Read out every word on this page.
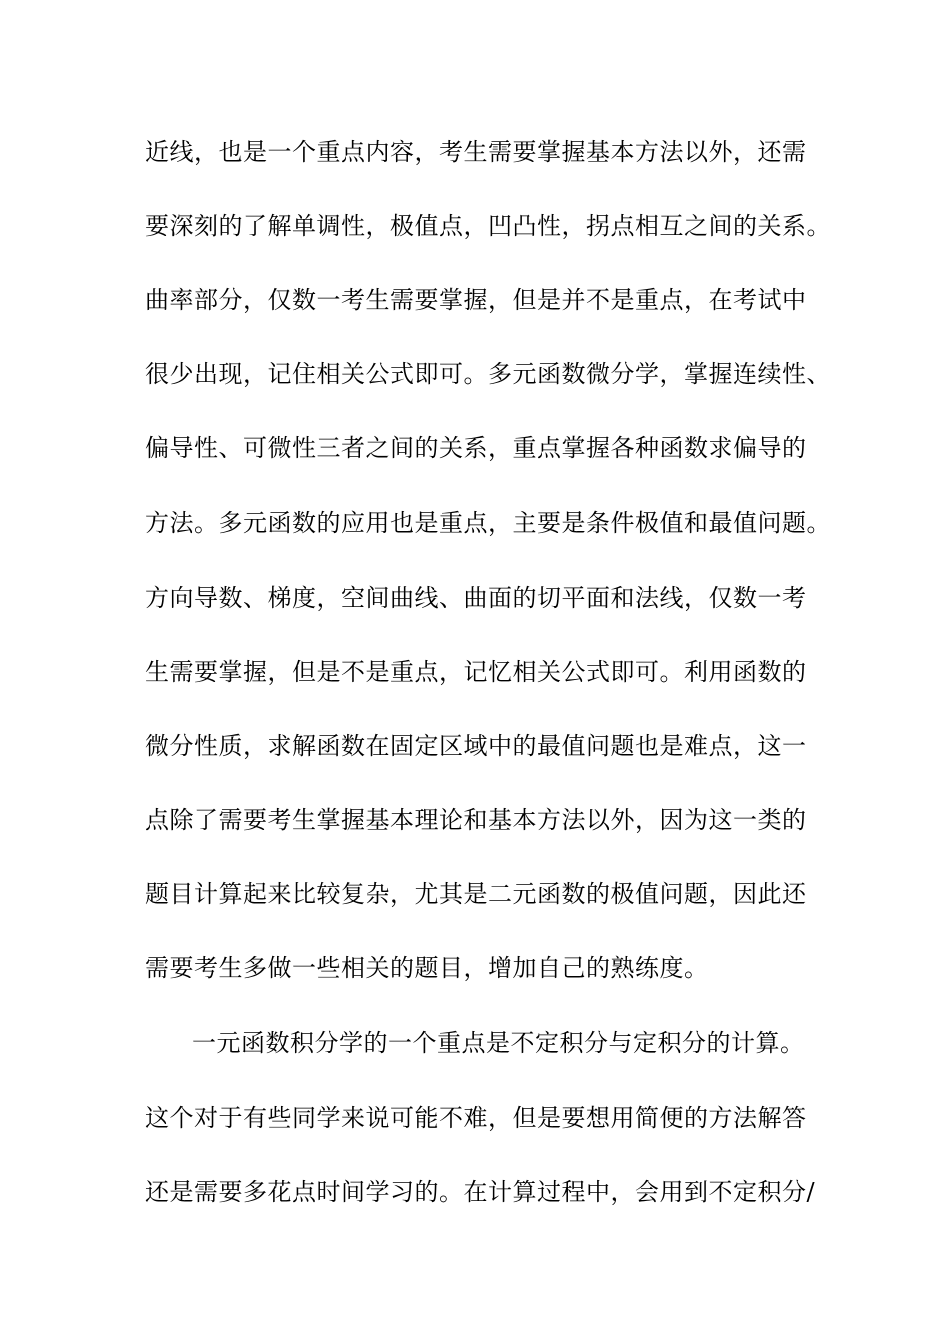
近线，也是一个重点内容，考生需要掌握基本方法以外，还需
要深刻的了解单调性，极值点，凹凸性，拐点相互之间的关系。
曲率部分，仅数一考生需要掌握，但是并不是重点，在考试中
很少出现，记住相关公式即可。多元函数微分学，掌握连续性、
偏导性、可微性三者之间的关系，重点掌握各种函数求偏导的
方法。多元函数的应用也是重点，主要是条件极值和最值问题。
方向导数、梯度，空间曲线、曲面的切平面和法线，仅数一考
生需要掌握，但是不是重点，记忆相关公式即可。利用函数的
微分性质，求解函数在固定区域中的最值问题也是难点，这一
点除了需要考生掌握基本理论和基本方法以外，因为这一类的
题目计算起来比较复杂，尤其是二元函数的极值问题，因此还
需要考生多做一些相关的题目，增加自己的熟练度。
一元函数积分学的一个重点是不定积分与定积分的计算。
这个对于有些同学来说可能不难，但是要想用简便的方法解答
还是需要多花点时间学习的。在计算过程中，会用到不定积分/
